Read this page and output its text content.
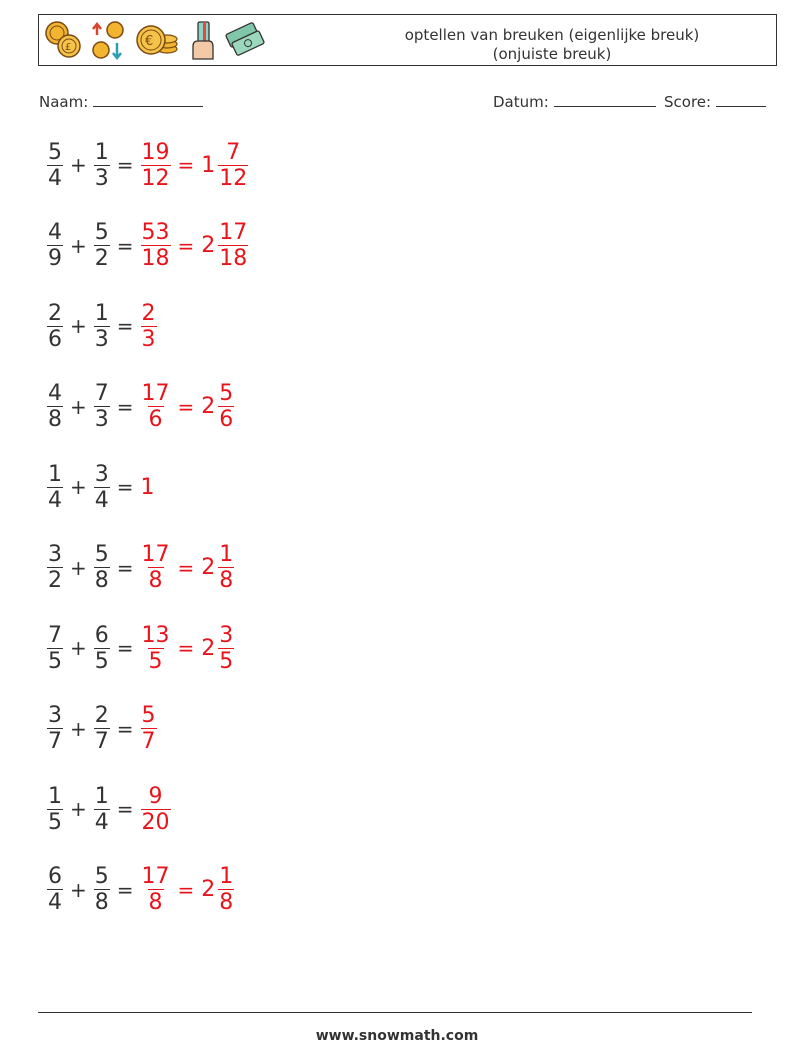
£	€	optellen van breuken (eigenlijke breuk)
(onjuiste breuk)
Naam:	Datum:	Score:
$\frac{5}{4} + \frac{1}{3} = \frac{19}{12} = 1 \frac{7}{12}$
$\frac{4}{9} + \frac{5}{2} = \frac{53}{18} = 2 \frac{17}{18}$
$\frac{2}{6} + \frac{1}{3} = \frac{2}{3}$
$\frac{4}{8} + \frac{7}{3} = \frac{17}{6} = 2 \frac{5}{6}$
$\frac{1}{4} + \frac{3}{4} = 1$
$\frac{3}{2} + \frac{5}{8} = \frac{17}{8} = 2 \frac{1}{8}$
$\frac{7}{5} + \frac{6}{5} = \frac{13}{5} = 2 \frac{3}{5}$
$\frac{3}{7} + \frac{2}{7} = \frac{5}{7}$
$\frac{1}{5} + \frac{1}{4} = \frac{9}{20}$
$\frac{6}{4} + \frac{5}{8} = \frac{17}{8} = 2 \frac{1}{8}$
www.snowmath.com
